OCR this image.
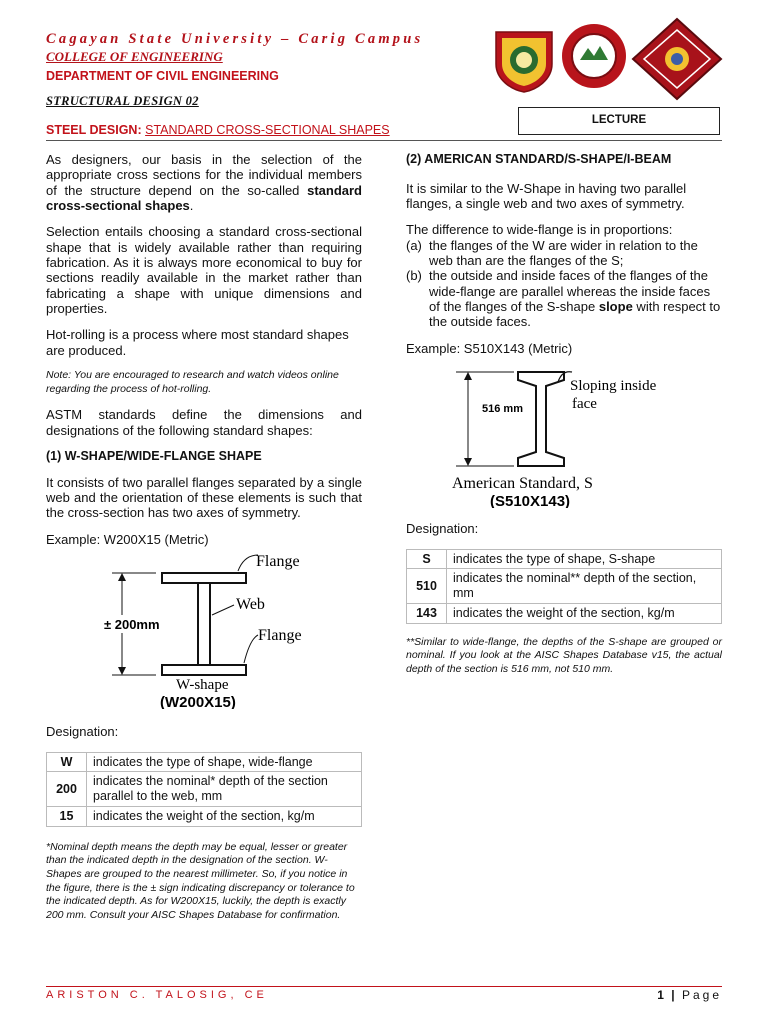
Cagayan State University – Carig Campus
COLLEGE OF ENGINEERING
DEPARTMENT OF CIVIL ENGINEERING
STRUCTURAL DESIGN 02
STEEL DESIGN: STANDARD CROSS-SECTIONAL SHAPES
LECTURE
As designers, our basis in the selection of the appropriate cross sections for the individual members of the structure depend on the so-called standard cross-sectional shapes.
Selection entails choosing a standard cross-sectional shape that is widely available rather than requiring fabrication. As it is always more economical to buy for sections readily available in the market rather than fabricating a shape with unique dimensions and properties.
Hot-rolling is a process where most standard shapes are produced.
Note: You are encouraged to research and watch videos online regarding the process of hot-rolling.
ASTM standards define the dimensions and designations of the following standard shapes:
(1) W-SHAPE/WIDE-FLANGE SHAPE
It consists of two parallel flanges separated by a single web and the orientation of these elements is such that the cross-section has two axes of symmetry.
Example: W200X15 (Metric)
± 200mm
Flange
Web
Flange
W-shape
(W200X15)
Designation:
W	indicates the type of shape, wide-flange
200	indicates the nominal* depth of the section parallel to the web, mm
15	indicates the weight of the section, kg/m
*Nominal depth means the depth may be equal, lesser or greater than the indicated depth in the designation of the section. W-Shapes are grouped to the nearest millimeter. So, if you notice in the figure, there is the ± sign indicating discrepancy or tolerance to the indicated depth. As for W200X15, luckily, the depth is exactly 200 mm. Consult your AISC Shapes Database for confirmation.
(2) AMERICAN STANDARD/S-SHAPE/I-BEAM
It is similar to the W-Shape in having two parallel flanges, a single web and two axes of symmetry.
The difference to wide-flange is in proportions:
(a) the flanges of the W are wider in relation to the web than are the flanges of the S;
(b) the outside and inside faces of the flanges of the wide-flange are parallel whereas the inside faces of the flanges of the S-shape slope with respect to the outside faces.
Example: S510X143 (Metric)
516 mm
Sloping inside
face
American Standard, S
(S510X143)
Designation:
S	indicates the type of shape, S-shape
510	indicates the nominal** depth of the section, mm
143	indicates the weight of the section, kg/m
**Similar to wide-flange, the depths of the S-shape are grouped or nominal. If you look at the AISC Shapes Database v15, the actual depth of the section is 516 mm, not 510 mm.
ARISTON C. TALOSIG, CE	1 | Page
